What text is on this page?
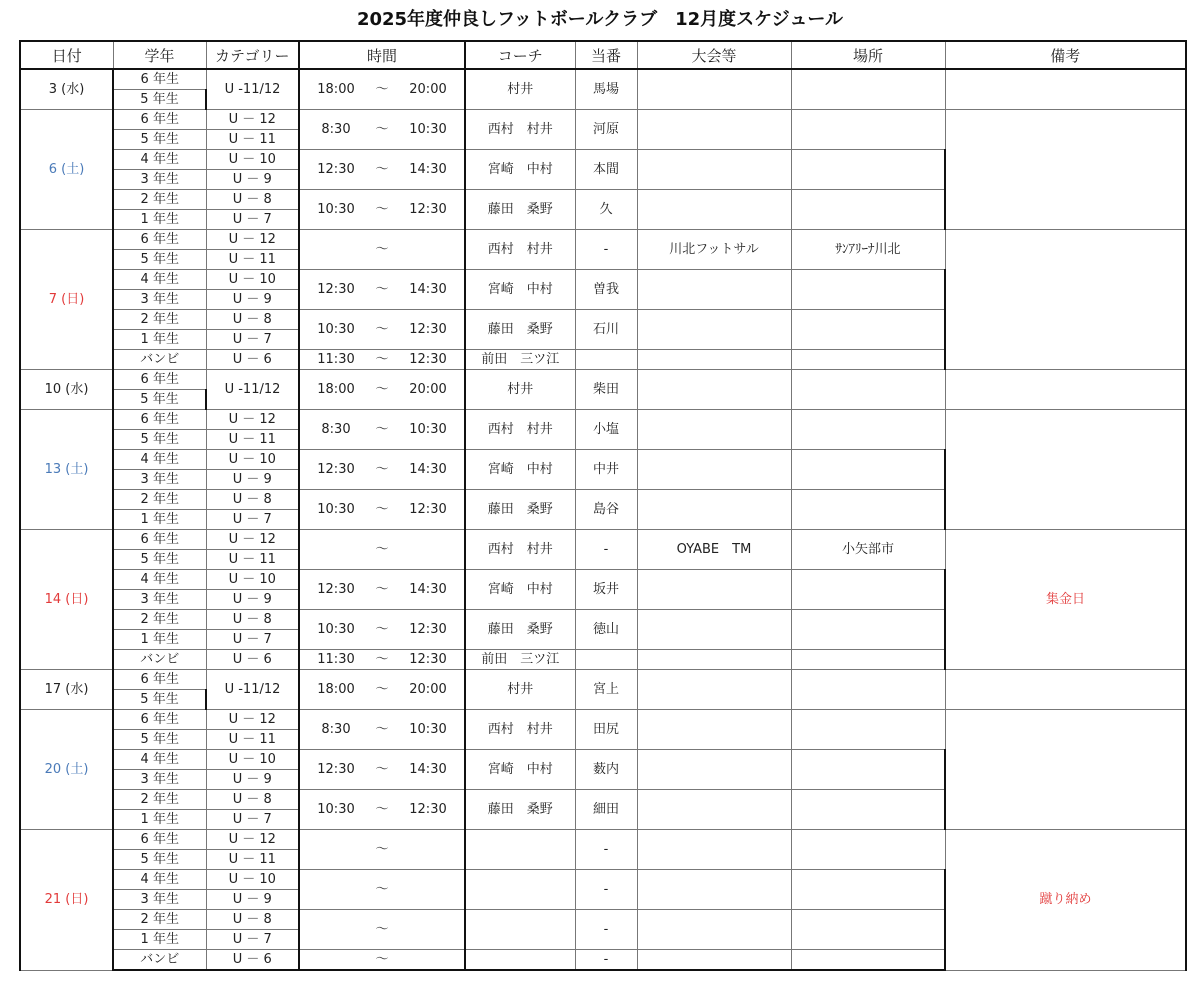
2025年度仲良しフットボールクラブ　12月度スケジュール
日付	学年	カテゴリー	時間	コーチ	当番	大会等	場所	備考
3 (水)	6 年生	U -11/12	18:00 ～ 20:00	村井	馬場			
	5 年生							
6 (土)	6 年生	U － 12	8:30 ～ 10:30	西村　村井	河原			
	5 年生	U － 11						
	4 年生	U － 10	12:30 ～ 14:30	宮崎　中村	本間			
	3 年生	U － 9						
	2 年生	U － 8	10:30 ～ 12:30	藤田　桑野	久			
	1 年生	U － 7						
7 (日)	6 年生	U － 12	～	西村　村井	-	川北フットサル	ｻﾝｱﾘｰﾅ川北	
	5 年生	U － 11						
	4 年生	U － 10	12:30 ～ 14:30	宮崎　中村	曽我			
	3 年生	U － 9						
	2 年生	U － 8	10:30 ～ 12:30	藤田　桑野	石川			
	1 年生	U － 7						
	バンビ	U － 6	11:30 ～ 12:30	前田　三ツ江				
10 (水)	6 年生	U -11/12	18:00 ～ 20:00	村井	柴田			
	5 年生							
13 (土)	6 年生	U － 12	8:30 ～ 10:30	西村　村井	小塩			
	5 年生	U － 11						
	4 年生	U － 10	12:30 ～ 14:30	宮崎　中村	中井			
	3 年生	U － 9						
	2 年生	U － 8	10:30 ～ 12:30	藤田　桑野	島谷			
	1 年生	U － 7						
14 (日)	6 年生	U － 12	～	西村　村井	-	OYABE　TM	小矢部市	集金日
	5 年生	U － 11						
	4 年生	U － 10	12:30 ～ 14:30	宮崎　中村	坂井			
	3 年生	U － 9						
	2 年生	U － 8	10:30 ～ 12:30	藤田　桑野	徳山			
	1 年生	U － 7						
	バンビ	U － 6	11:30 ～ 12:30	前田　三ツ江				
17 (水)	6 年生	U -11/12	18:00 ～ 20:00	村井	宮上			
	5 年生							
20 (土)	6 年生	U － 12	8:30 ～ 10:30	西村　村井	田尻			
	5 年生	U － 11						
	4 年生	U － 10	12:30 ～ 14:30	宮崎　中村	薮内			
	3 年生	U － 9						
	2 年生	U － 8	10:30 ～ 12:30	藤田　桑野	細田			
	1 年生	U － 7						
21 (日)	6 年生	U － 12	～		-			蹴り納め
	5 年生	U － 11						
	4 年生	U － 10	～		-			
	3 年生	U － 9						
	2 年生	U － 8	～		-			
	1 年生	U － 7						
	バンビ	U － 6	～		-			
